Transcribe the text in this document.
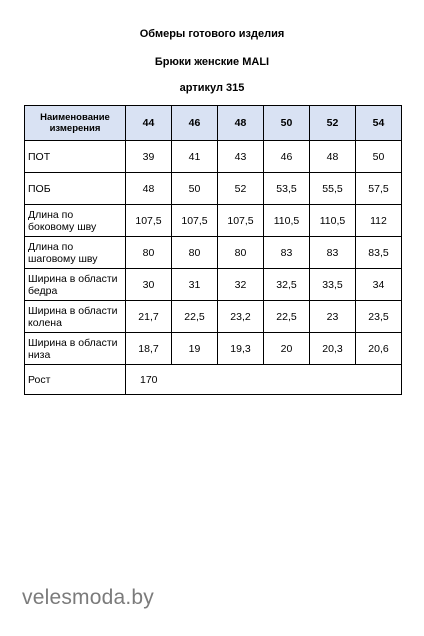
Обмеры готового изделия
Брюки женские MALI
артикул 315
Наименование измерения	44	46	48	50	52	54
ПОТ	39	41	43	46	48	50
ПОБ	48	50	52	53,5	55,5	57,5
Длина по боковому шву	107,5	107,5	107,5	110,5	110,5	112
Длина по шаговому шву	80	80	80	83	83	83,5
Ширина в области бедра	30	31	32	32,5	33,5	34
Ширина в области колена	21,7	22,5	23,2	22,5	23	23,5
Ширина в области низа	18,7	19	19,3	20	20,3	20,6
Рост	170					
velesmoda.by
